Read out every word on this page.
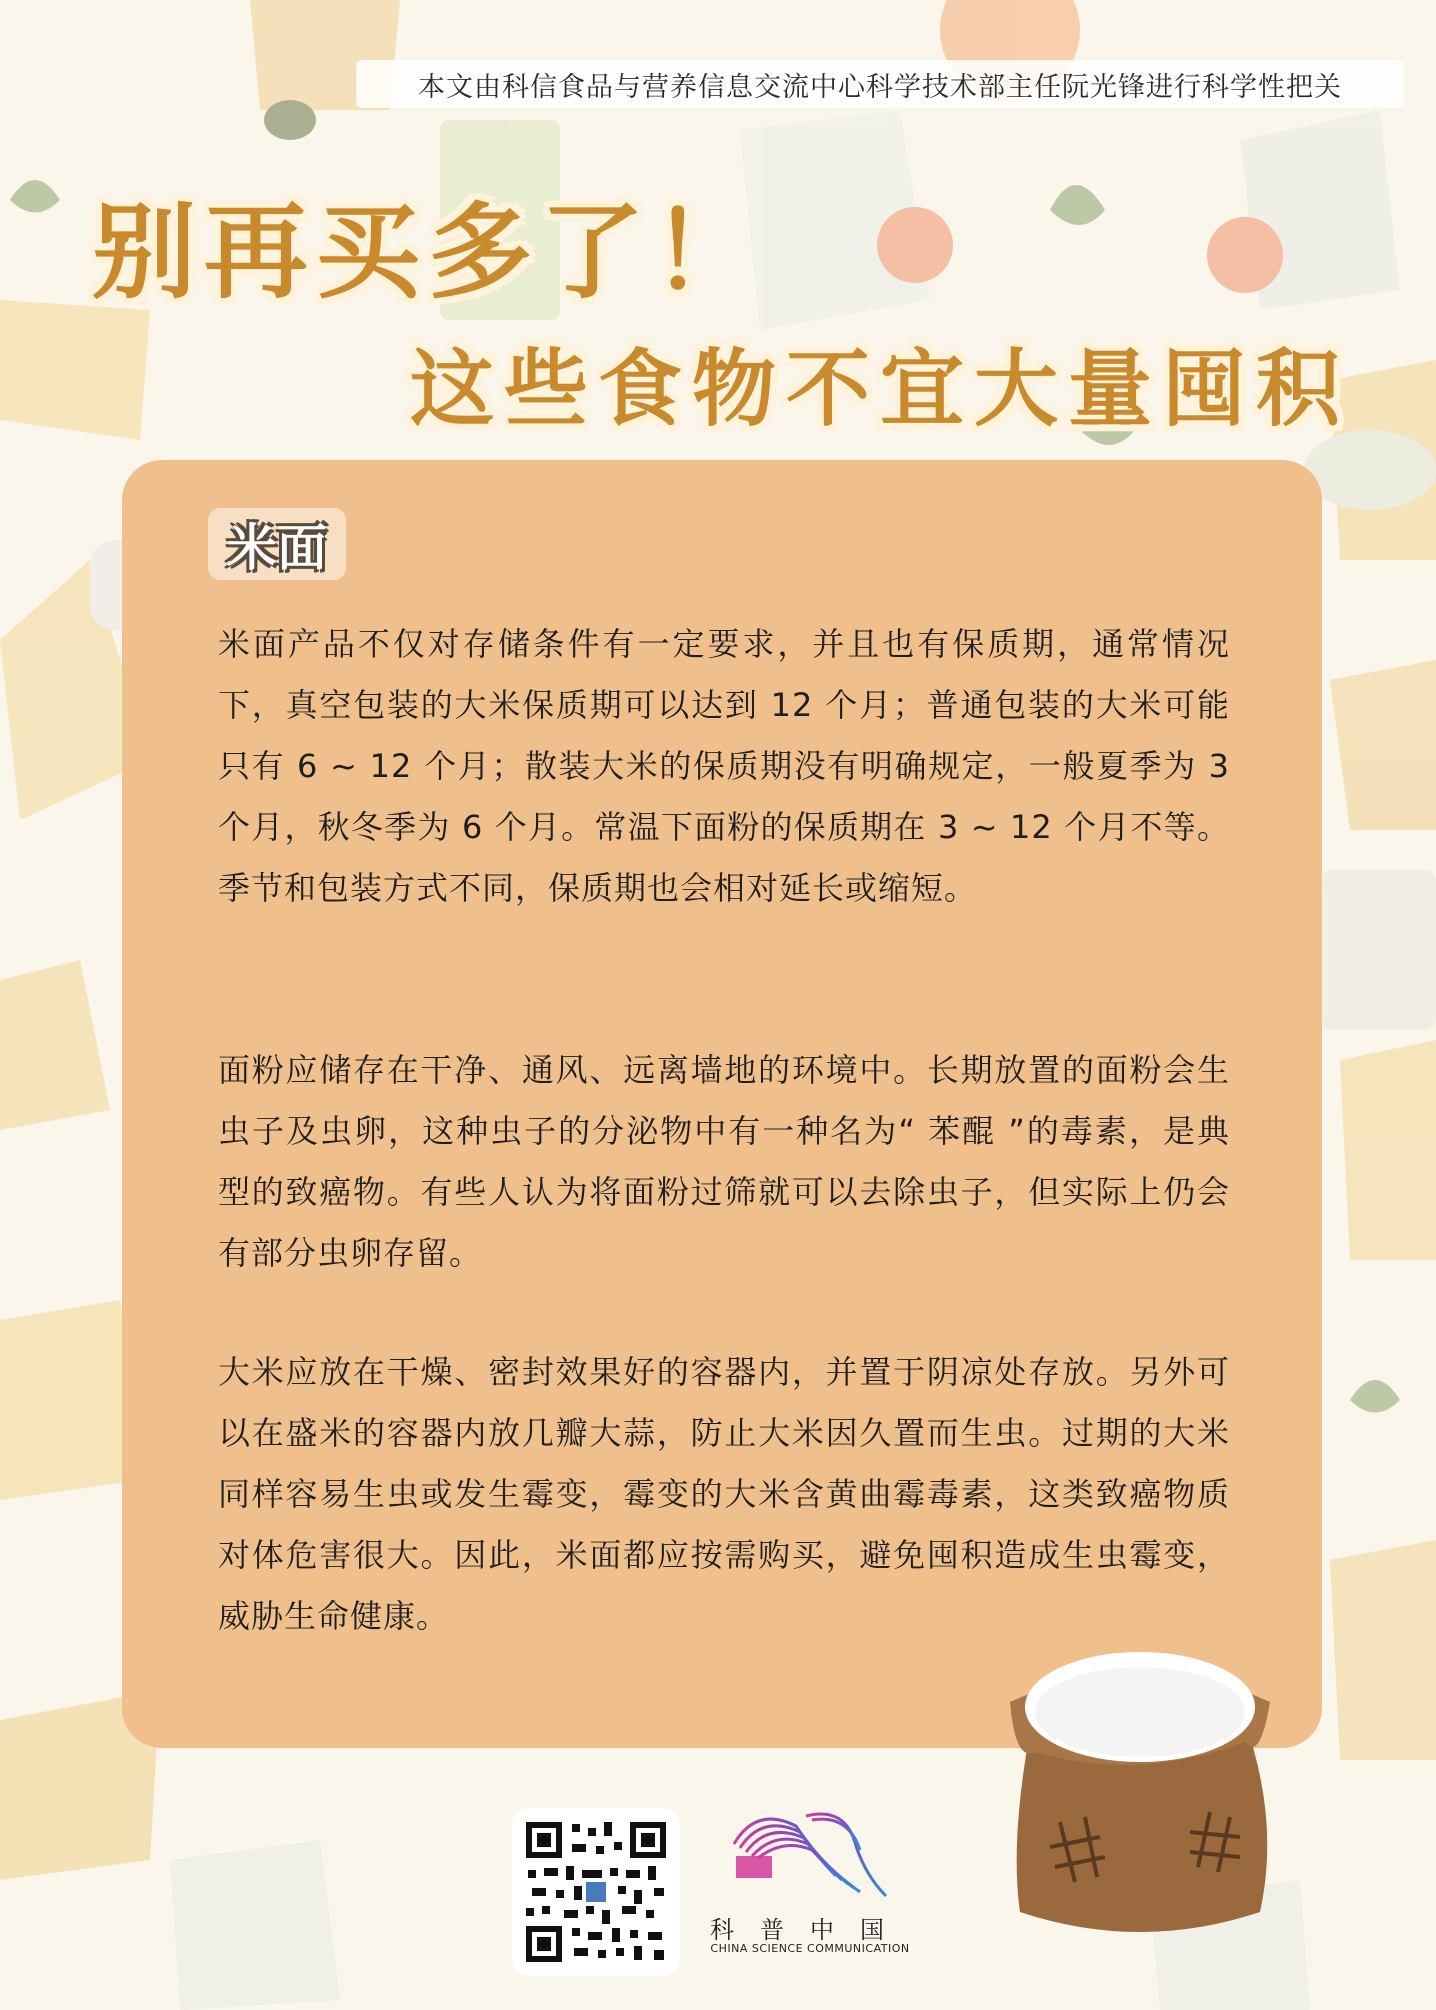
本文由科信食品与营养信息交流中心科学技术部主任阮光锋进行科学性把关
别再买多了！
这些食物不宜大量囤积
米面

米面产品不仅对存储条件有一定要求，并且也有保质期，通常情况下，真空包装的大米保质期可以达到 12 个月；普通包装的大米可能只有 6 ~ 12 个月；散装大米的保质期没有明确规定，一般夏季为 3 个月，秋冬季为 6 个月。常温下面粉的保质期在 3 ~ 12 个月不等。季节和包装方式不同，保质期也会相对延长或缩短。

面粉应储存在干净、通风、远离墙地的环境中。长期放置的面粉会生虫子及虫卵，这种虫子的分泌物中有一种名为“ 苯醌 ”的毒素，是典型的致癌物。有些人认为将面粉过筛就可以去除虫子，但实际上仍会有部分虫卵存留。

大米应放在干燥、密封效果好的容器内，并置于阴凉处存放。另外可以在盛米的容器内放几瓣大蒜，防止大米因久置而生虫。过期的大米同样容易生虫或发生霉变，霉变的大米含黄曲霉毒素，这类致癌物质对体危害很大。因此，米面都应按需购买，避免囤积造成生虫霉变，威胁生命健康。

科普中国
CHINA SCIENCE COMMUNICATION
